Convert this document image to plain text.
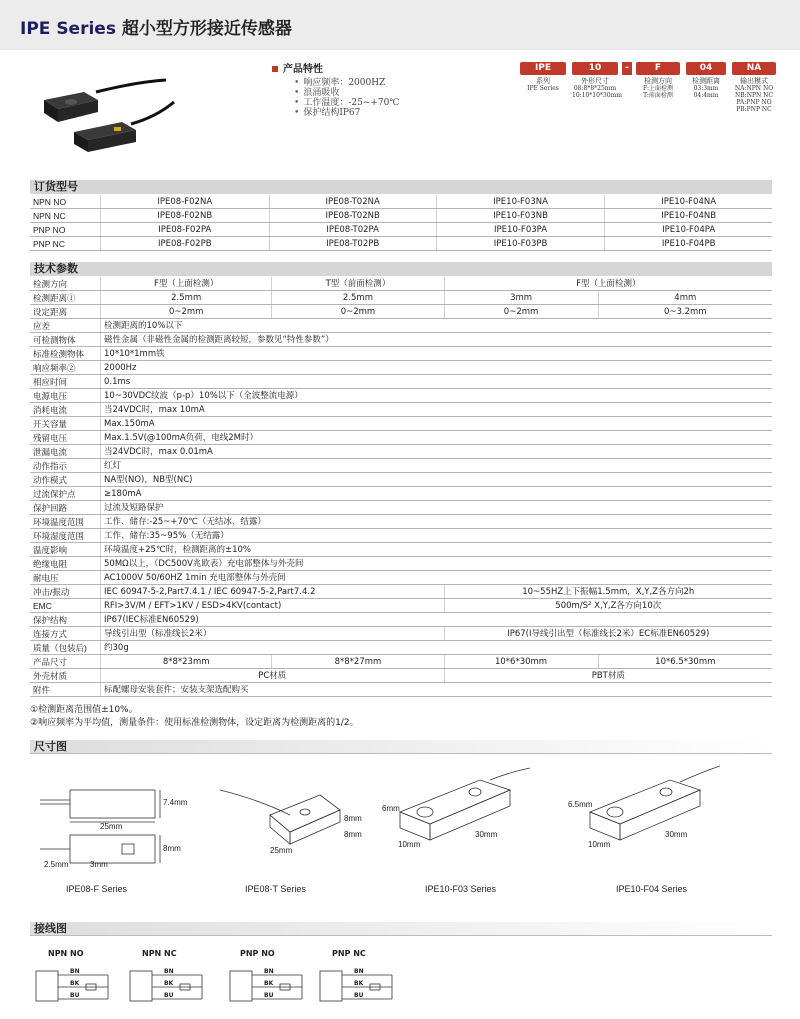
IPE Series 超小型方形接近传感器
产品特性
• 响应频率：2000HZ
• 浪涌吸收
• 工作温度：-25~+70℃
• 保护结构IP67
IPE
系列
IPE Series
10
外形尺寸
08:8*8*25mm
10:10*10*30mm
-	F
检测方向
F:上面检测
T:前面检测
04
检测距离
03:3mm
04:4mm
NA
输出模式
NA:NPN NO
NB:NPN NC
PA:PNP NO
PB:PNP NC
订货型号
NPN NO	IPE08-F02NA	IPE08-T02NA	IPE10-F03NA	IPE10-F04NA
NPN NC	IPE08-F02NB	IPE08-T02NB	IPE10-F03NB	IPE10-F04NB
PNP NO	IPE08-F02PA	IPE08-T02PA	IPE10-F03PA	IPE10-F04PA
PNP NC	IPE08-F02PB	IPE08-T02PB	IPE10-F03PB	IPE10-F04PB
技术参数
检测方向	F型（上面检测）	T型（前面检测）	F型（上面检测）	
检测距离①	2.5mm	2.5mm	3mm	4mm
设定距离	0~2mm	0~2mm	0~2mm	0~3.2mm
应差	检测距离的10%以下			
可检测物体	磁性金属（非磁性金属的检测距离较短，参数见“特性参数”）			
标准检测物体	10*10*1mm铁			
响应频率②	2000Hz			
相应时间	0.1ms			
电源电压	10~30VDC纹波（p-p）10%以下（全波整流电源）			
消耗电流	当24VDC时，max 10mA			
开关容量	Max.150mA			
残留电压	Max.1.5V(@100mA负荷，电线2M时）			
泄漏电流	当24VDC时，max 0.01mA			
动作指示	红灯			
动作模式	NA型(NO)，NB型(NC)			
过流保护点	≥180mA			
保护回路	过流及短路保护			
环境温度范围	工作、储存:-25~+70℃（无结冰、结露）			
环境湿度范围	工作、储存:35~95%（无结露）			
温度影响	环境温度+25℃时，检测距离的±10%			
绝缘电阻	50MΩ以上，（DC500V兆欧表）充电部整体与外壳间			
耐电压	AC1000V 50/60HZ 1min 充电部整体与外壳间			
冲击/振动	IEC 60947-5-2,Part7.4.1 / IEC 60947-5-2,Part7.4.2		10~55HZ上下振幅1.5mm，X,Y,Z各方向2h	
EMC	RFI>3V/M / EFT>1KV / ESD>4KV(contact)		500m/S² X,Y,Z各方向10次	
保护结构	IP67(IEC标准EN60529)			
连接方式	导线引出型（标准线长2米）		IP67(I导线引出型（标准线长2米）EC标准EN60529)	
质量（包装后)	约30g			
产品尺寸	8*8*23mm	8*8*27mm	10*6*30mm	10*6.5*30mm
外壳材质	PC材质		PBT材质	
附件	标配螺母安装套件；安装支架选配购买			
①检测距离范围值±10%。
②响应频率为平均值，测量条件：使用标准检测物体，设定距离为检测距离的1/2。
尺寸图
25mm
7.4mm
8mm
2.5mm	3mm
25mm
8mm
8mm
6mm
10mm
30mm
6.5mm
10mm
30mm
IPE08-F Series	IPE08-T Series	IPE10-F03 Series	IPE10-F04 Series
接线图
NPN NO	NPN NC	PNP NO	PNP NC
BN
BK
BU
BN
BK
BU
BN
BK
BU
BN
BK
BU
